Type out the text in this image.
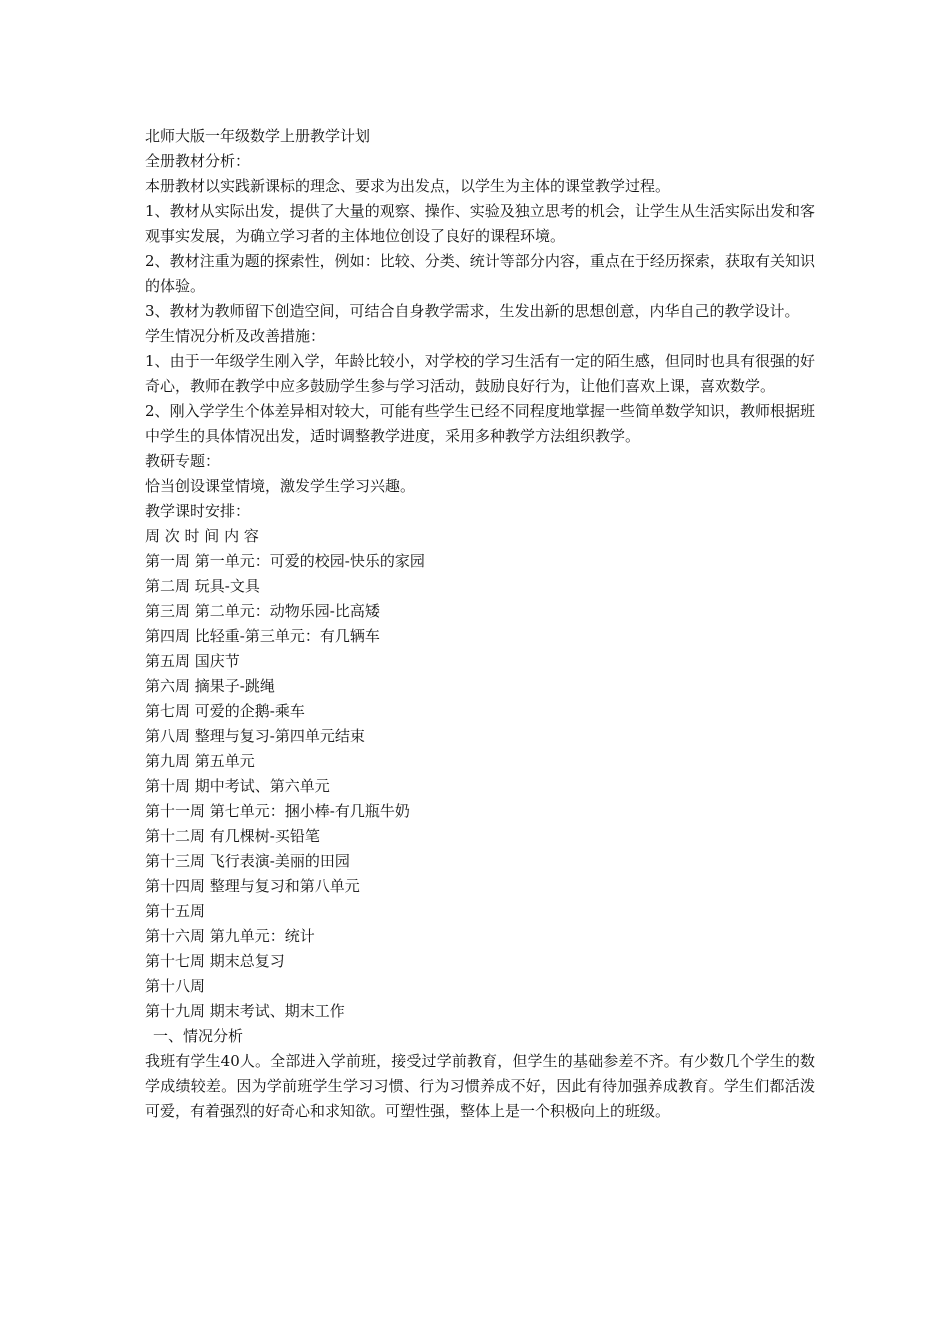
北师大版一年级数学上册教学计划

全册教材分析：

本册教材以实践新课标的理念、要求为出发点，以学生为主体的课堂教学过程。

1、教材从实际出发，提供了大量的观察、操作、实验及独立思考的机会，让学生从生活实际出发和客观事实发展，为确立学习者的主体地位创设了良好的课程环境。

2、教材注重为题的探索性，例如：比较、分类、统计等部分内容，重点在于经历探索，获取有关知识的体验。

3、教材为教师留下创造空间，可结合自身教学需求，生发出新的思想创意，内华自己的教学设计。

学生情况分析及改善措施：

1、由于一年级学生刚入学，年龄比较小，对学校的学习生活有一定的陌生感，但同时也具有很强的好奇心，教师在教学中应多鼓励学生参与学习活动，鼓励良好行为，让他们喜欢上课，喜欢数学。

2、刚入学学生个体差异相对较大，可能有些学生已经不同程度地掌握一些简单数学知识，教师根据班中学生的具体情况出发，适时调整教学进度，采用多种教学方法组织教学。

教研专题：

恰当创设课堂情境，激发学生学习兴趣。

教学课时安排：

周 次 时 间 内 容

第一周 第一单元：可爱的校园-快乐的家园

第二周 玩具-文具

第三周 第二单元：动物乐园-比高矮

第四周 比轻重-第三单元：有几辆车

第五周 国庆节

第六周 摘果子-跳绳

第七周 可爱的企鹅-乘车

第八周 整理与复习-第四单元结束

第九周 第五单元

第十周 期中考试、第六单元

第十一周 第七单元：捆小棒-有几瓶牛奶

第十二周 有几棵树-买铅笔

第十三周 飞行表演-美丽的田园

第十四周 整理与复习和第八单元

第十五周

第十六周 第九单元：统计

第十七周 期末总复习

第十八周

第十九周 期末考试、期末工作

一、情况分析

我班有学生40人。全部进入学前班，接受过学前教育，但学生的基础参差不齐。有少数几个学生的数学成绩较差。因为学前班学生学习习惯、行为习惯养成不好，因此有待加强养成教育。学生们都活泼可爱，有着强烈的好奇心和求知欲。可塑性强，整体上是一个积极向上的班级。
